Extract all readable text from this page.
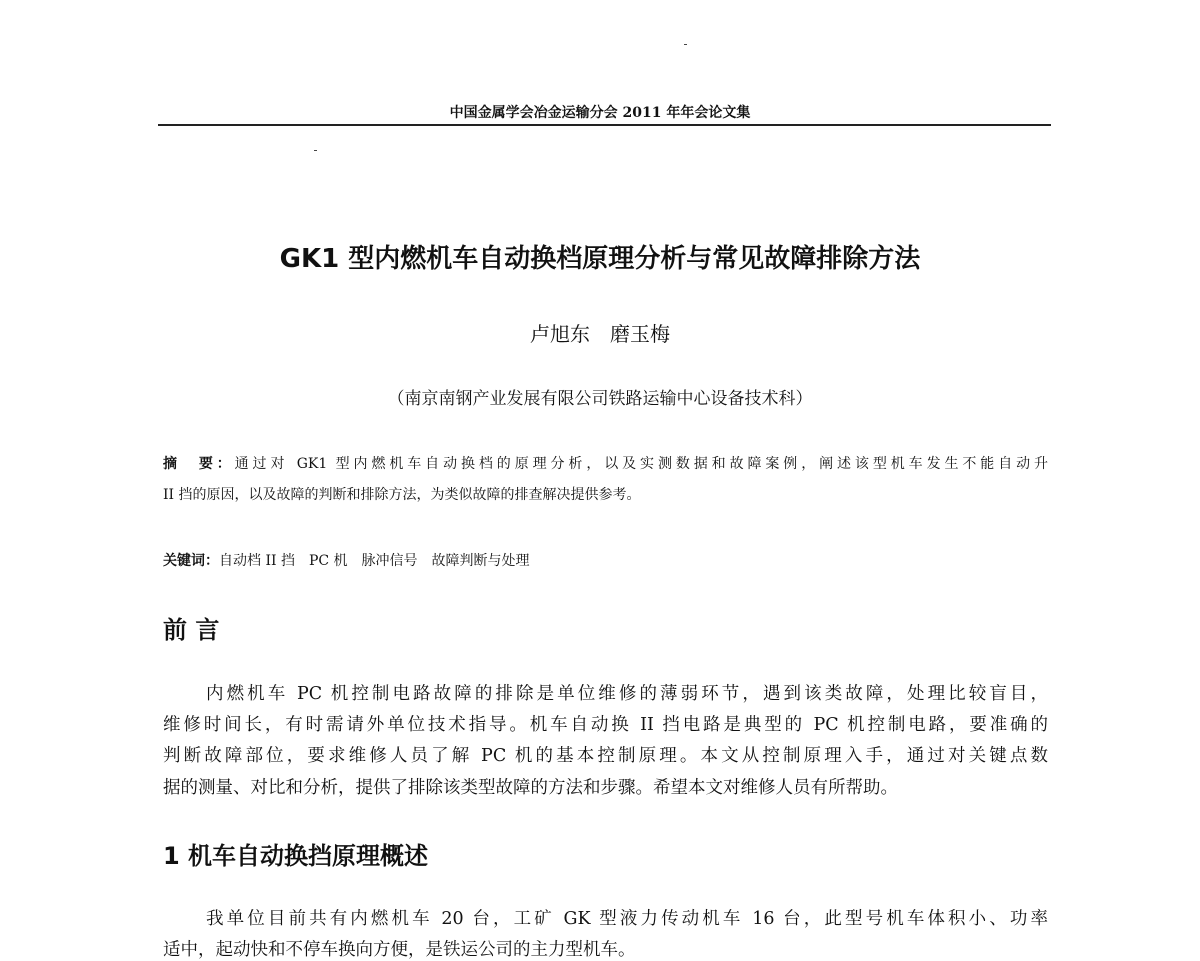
中国金属学会冶金运输分会 2011 年年会论文集
GK1 型内燃机车自动换档原理分析与常见故障排除方法
卢旭东　磨玉梅
（南京南钢产业发展有限公司铁路运输中心设备技术科）
摘　要：通过对 GK1 型内燃机车自动换档的原理分析，以及实测数据和故障案例，阐述该型机车发生不能自动升
II 挡的原因，以及故障的判断和排除方法，为类似故障的排查解决提供参考。
关键词：自动档 II 挡　PC 机　脉冲信号　故障判断与处理
前 言
内燃机车 PC 机控制电路故障的排除是单位维修的薄弱环节，遇到该类故障，处理比较盲目，
维修时间长，有时需请外单位技术指导。机车自动换 II 挡电路是典型的 PC 机控制电路，要准确的
判断故障部位，要求维修人员了解 PC 机的基本控制原理。本文从控制原理入手，通过对关键点数
据的测量、对比和分析，提供了排除该类型故障的方法和步骤。希望本文对维修人员有所帮助。
1 机车自动换挡原理概述
我单位目前共有内燃机车 20 台，工矿 GK 型液力传动机车 16 台，此型号机车体积小、功率
适中，起动快和不停车换向方便，是铁运公司的主力型机车。
